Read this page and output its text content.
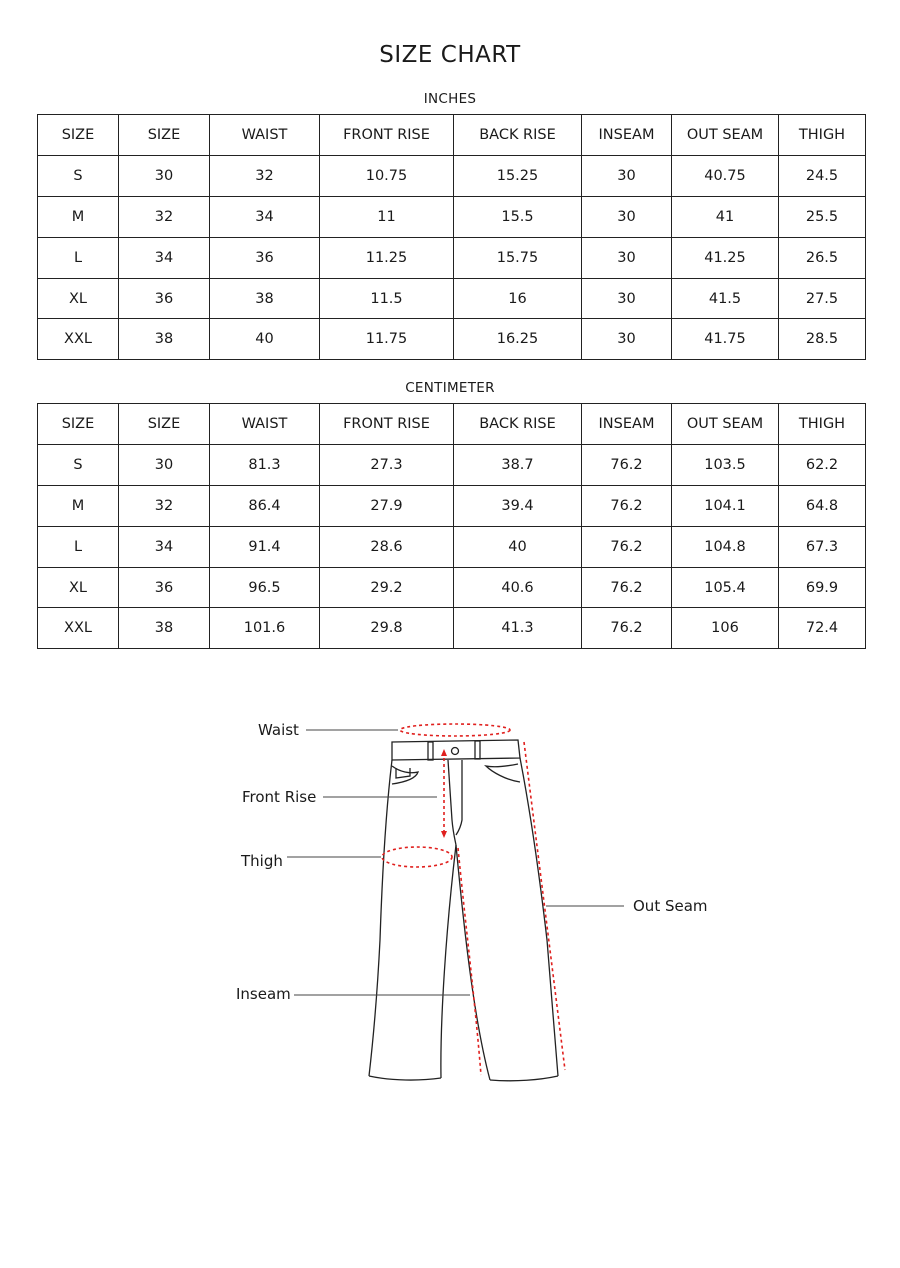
SIZE CHART
INCHES
SIZE	SIZE	WAIST	FRONT RISE	BACK RISE	INSEAM	OUT SEAM	THIGH
S	30	32	10.75	15.25	30	40.75	24.5
M	32	34	11	15.5	30	41	25.5
L	34	36	11.25	15.75	30	41.25	26.5
XL	36	38	11.5	16	30	41.5	27.5
XXL	38	40	11.75	16.25	30	41.75	28.5
CENTIMETER
SIZE	SIZE	WAIST	FRONT RISE	BACK RISE	INSEAM	OUT SEAM	THIGH
S	30	81.3	27.3	38.7	76.2	103.5	62.2
M	32	86.4	27.9	39.4	76.2	104.1	64.8
L	34	91.4	28.6	40	76.2	104.8	67.3
XL	36	96.5	29.2	40.6	76.2	105.4	69.9
XXL	38	101.6	29.8	41.3	76.2	106	72.4
Waist
Front Rise
Thigh
Inseam
Out Seam
